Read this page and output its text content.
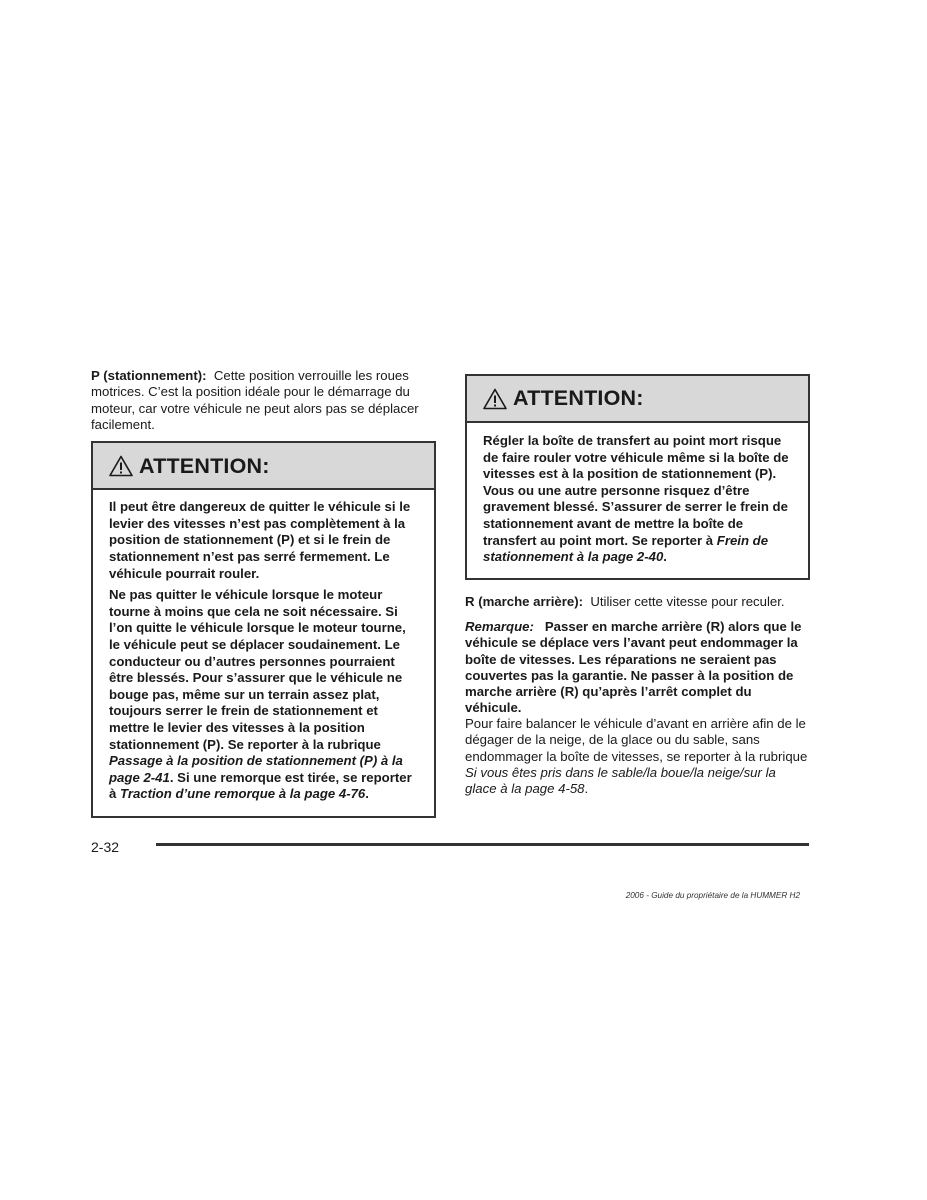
P (stationnement): Cette position verrouille les roues motrices. C’est la position idéale pour le démarrage du moteur, car votre véhicule ne peut alors pas se déplacer facilement.

ATTENTION:

Il peut être dangereux de quitter le véhicule si le levier des vitesses n’est pas complètement à la position de stationnement (P) et si le frein de stationnement n’est pas serré fermement. Le véhicule pourrait rouler.

Ne pas quitter le véhicule lorsque le moteur tourne à moins que cela ne soit nécessaire. Si l’on quitte le véhicule lorsque le moteur tourne, le véhicule peut se déplacer soudainement. Le conducteur ou d’autres personnes pourraient être blessés. Pour s’assurer que le véhicule ne bouge pas, même sur un terrain assez plat, toujours serrer le frein de stationnement et mettre le levier des vitesses à la position stationnement (P). Se reporter à la rubrique Passage à la position de stationnement (P) à la page 2-41. Si une remorque est tirée, se reporter à Traction d’une remorque à la page 4-76.

ATTENTION:

Régler la boîte de transfert au point mort risque de faire rouler votre véhicule même si la boîte de vitesses est à la position de stationnement (P). Vous ou une autre personne risquez d’être gravement blessé. S’assurer de serrer le frein de stationnement avant de mettre la boîte de transfert au point mort. Se reporter à Frein de stationnement à la page 2-40.

R (marche arrière): Utiliser cette vitesse pour reculer.
Remarque: Passer en marche arrière (R) alors que le véhicule se déplace vers l’avant peut endommager la boîte de vitesses. Les réparations ne seraient pas couvertes pas la garantie. Ne passer à la position de marche arrière (R) qu’après l’arrêt complet du véhicule.
Pour faire balancer le véhicule d’avant en arrière afin de le dégager de la neige, de la glace ou du sable, sans endommager la boîte de vitesses, se reporter à la rubrique Si vous êtes pris dans le sable/la boue/la neige/sur la glace à la page 4-58.
2-32
2006 - Guide du propriétaire de la HUMMER H2
